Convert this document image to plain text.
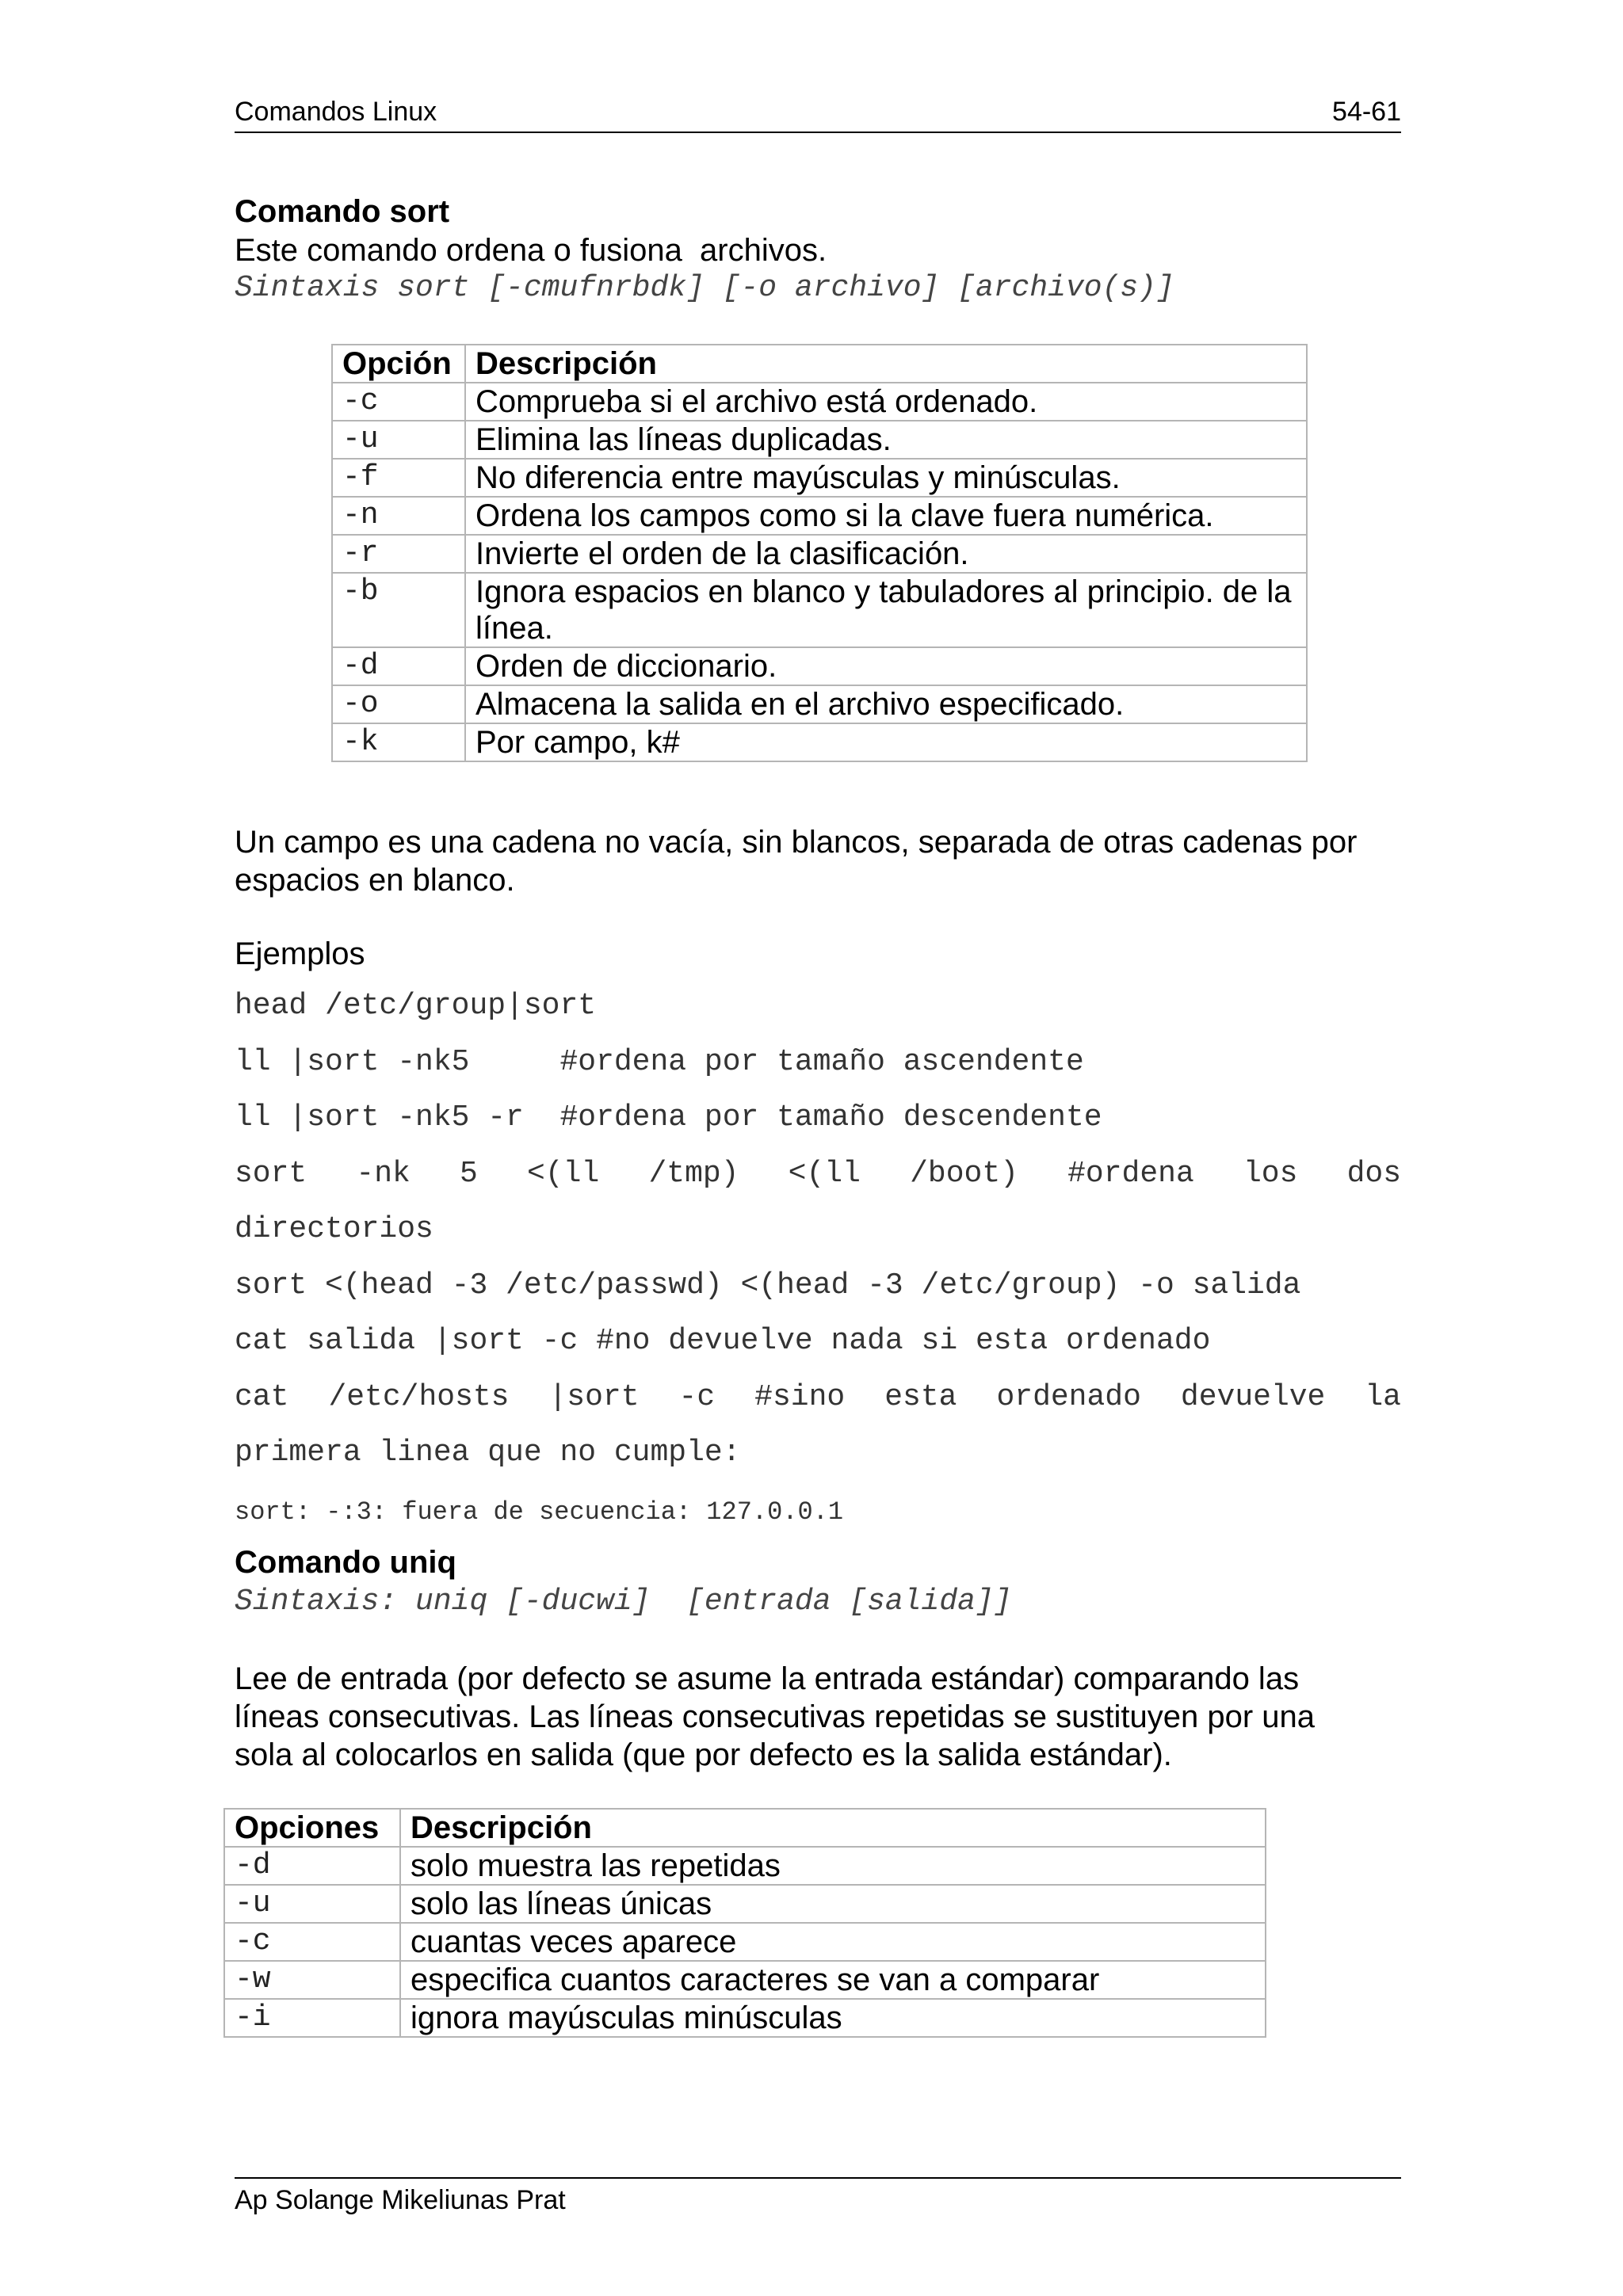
Comandos Linux	54-61
Comando sort
Este comando ordena o fusiona  archivos.
Sintaxis sort [-cmufnrbdk] [-o archivo] [archivo(s)]
Opción	Descripción
-c	Comprueba si el archivo está ordenado.
-u	Elimina las líneas duplicadas.
-f	No diferencia entre mayúsculas y minúsculas.
-n	Ordena los campos como si la clave fuera numérica.
-r	Invierte el orden de la clasificación.
-b	Ignora espacios en blanco y tabuladores al principio. de la línea.
-d	Orden de diccionario.
-o	Almacena la salida en el archivo especificado.
-k	Por campo, k#
Un campo es una cadena no vacía, sin blancos, separada de otras cadenas por espacios en blanco.
Ejemplos
head /etc/group|sort
ll |sort -nk5     #ordena por tamaño ascendente
ll |sort -nk5 -r  #ordena por tamaño descendente
sort -nk 5 <(ll /tmp) <(ll /boot) #ordena los dos
directorios
sort <(head -3 /etc/passwd) <(head -3 /etc/group) -o salida
cat salida |sort -c #no devuelve nada si esta ordenado
cat /etc/hosts |sort -c #sino esta ordenado devuelve la
primera linea que no cumple:
sort: -:3: fuera de secuencia: 127.0.0.1
Comando uniq
Sintaxis: uniq [-ducwi]  [entrada [salida]]
Lee de entrada (por defecto se asume la entrada estándar) comparando las líneas consecutivas. Las líneas consecutivas repetidas se sustituyen por una sola al colocarlos en salida (que por defecto es la salida estándar).
Opciones	Descripción
-d	solo muestra las repetidas
-u	solo las líneas únicas
-c	cuantas veces aparece
-w	especifica cuantos caracteres se van a comparar
-i	ignora mayúsculas minúsculas
Ap Solange Mikeliunas Prat
